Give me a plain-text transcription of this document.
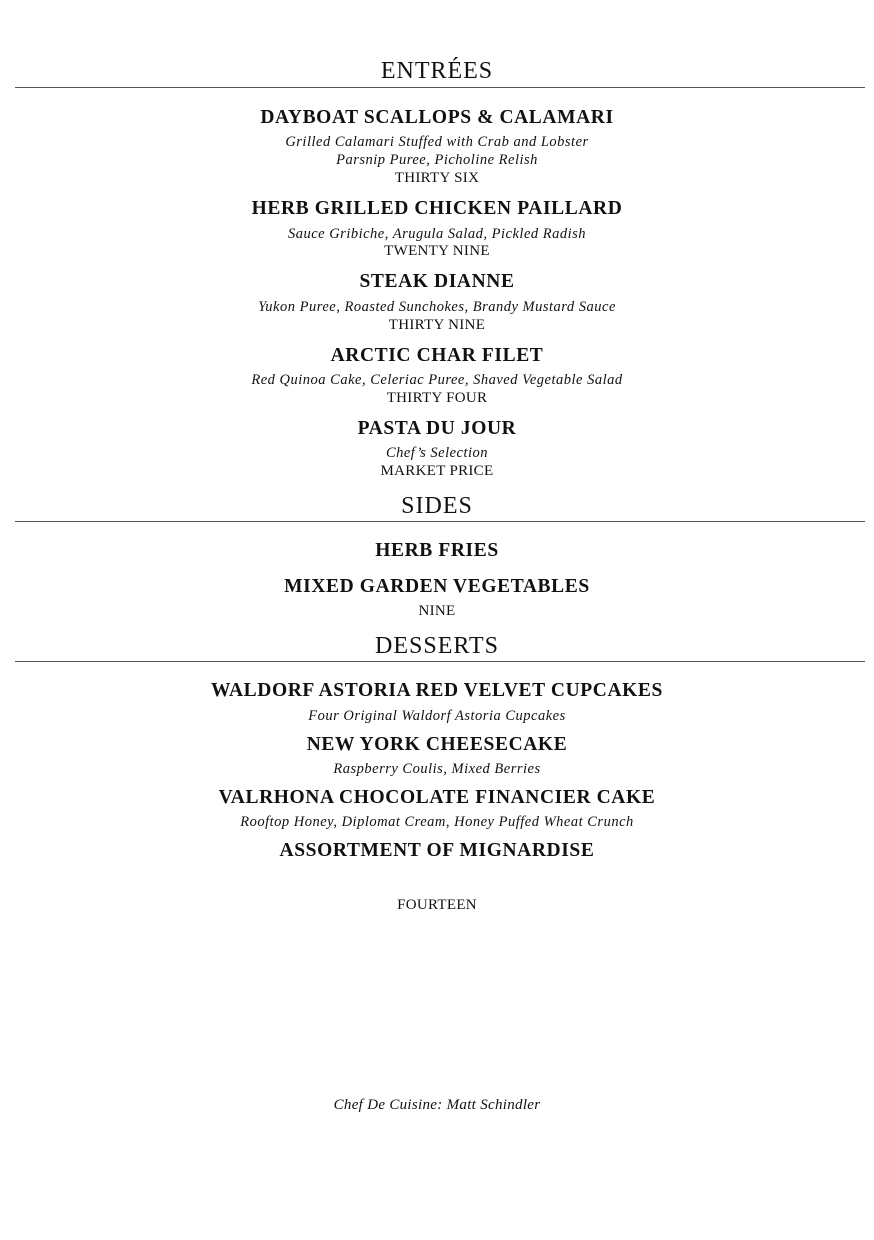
ENTRÉES
DAYBOAT SCALLOPS & CALAMARI
Grilled Calamari Stuffed with Crab and Lobster
Parsnip Puree, Picholine Relish
THIRTY SIX
HERB GRILLED CHICKEN PAILLARD
Sauce Gribiche, Arugula Salad, Pickled Radish
TWENTY NINE
STEAK DIANNE
Yukon Puree, Roasted Sunchokes, Brandy Mustard Sauce
THIRTY NINE
ARCTIC CHAR FILET
Red Quinoa Cake, Celeriac Puree, Shaved Vegetable Salad
THIRTY FOUR
PASTA DU JOUR
Chef’s Selection
MARKET PRICE
SIDES
HERB FRIES
MIXED GARDEN VEGETABLES
NINE
DESSERTS
WALDORF ASTORIA RED VELVET CUPCAKES
Four Original Waldorf Astoria Cupcakes
NEW YORK CHEESECAKE
Raspberry Coulis, Mixed Berries
VALRHONA CHOCOLATE FINANCIER CAKE
Rooftop Honey, Diplomat Cream, Honey Puffed Wheat Crunch
ASSORTMENT OF MIGNARDISE
FOURTEEN
Chef De Cuisine: Matt Schindler
